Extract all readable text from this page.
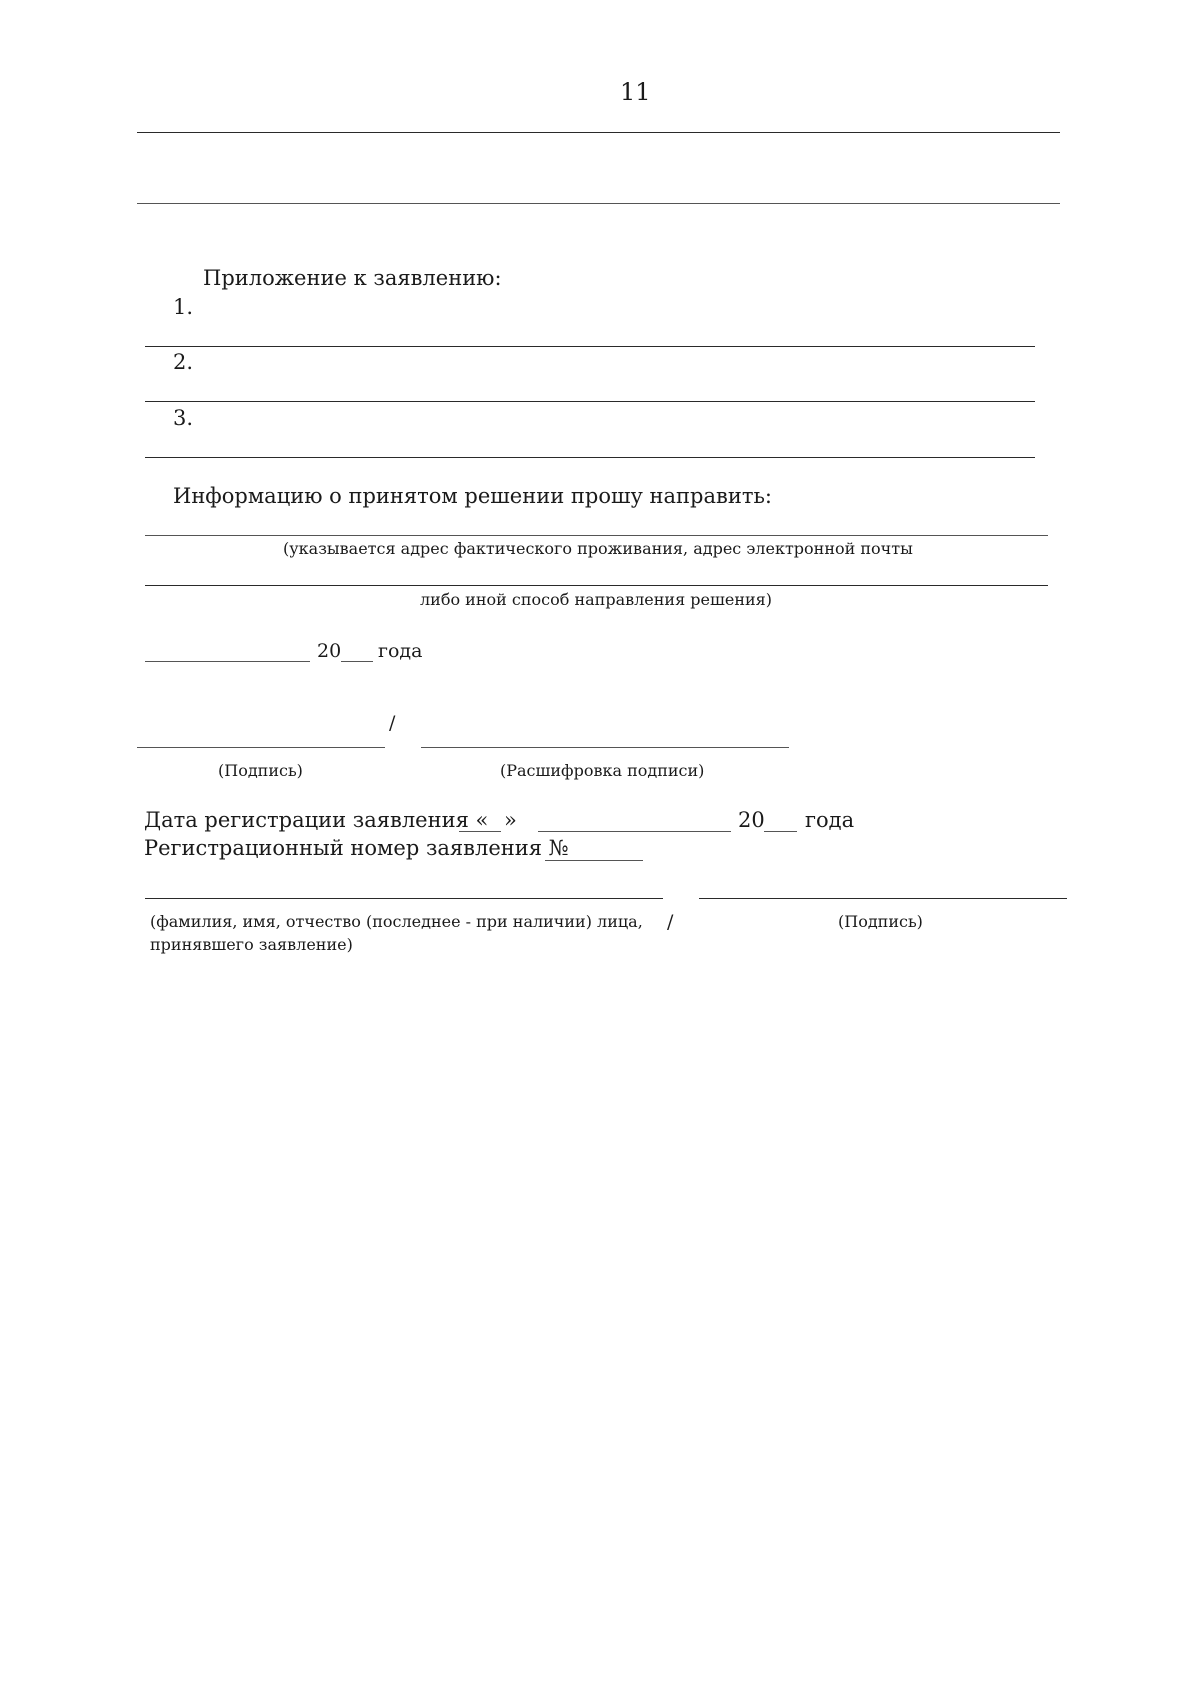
11
Приложение к заявлению:
1.
2.
3.
Информацию о принятом решении прошу направить:
(указывается адрес фактического проживания, адрес электронной почты
либо иной способ направления решения)
20 года
/
(Подпись)	(Расшифровка подписи)
Дата регистрации заявления « »	20 года
Регистрационный номер заявления №
(фамилия, имя, отчество (последнее - при наличии) лица,
принявшего заявление)
/	(Подпись)
